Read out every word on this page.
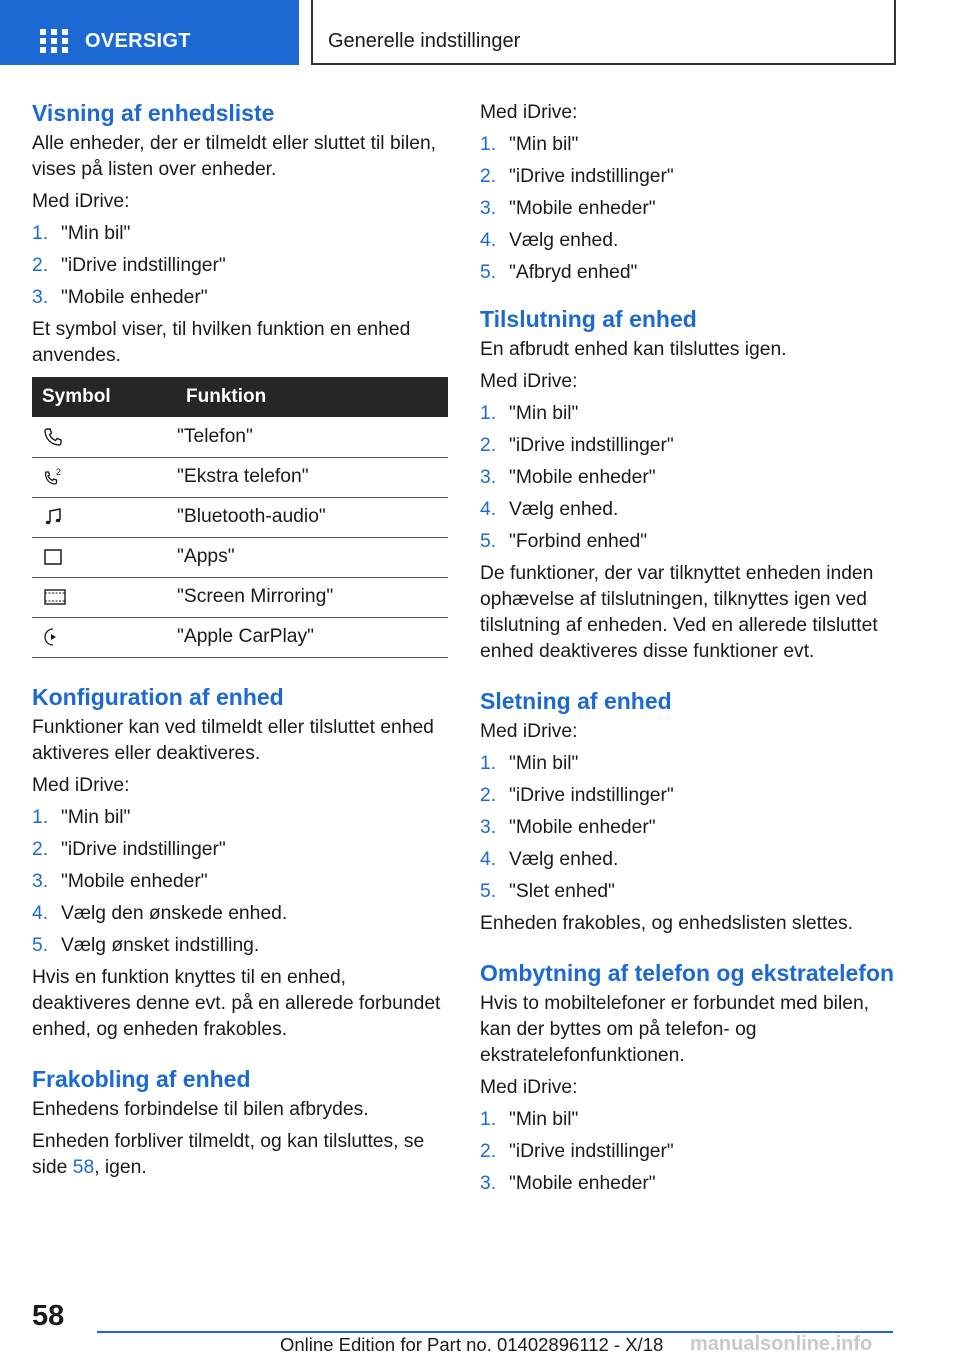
OVERSIGT	Generelle indstillinger
Visning af enhedsliste

Alle enheder, der er tilmeldt eller sluttet til bilen, vises på listen over enheder.

Med iDrive:

1. "Min bil"
2. "iDrive indstillinger"
3. "Mobile enheder"

Et symbol viser, til hvilken funktion en enhed anvendes.

Symbol	Funktion
	"Telefon"

2	"Ekstra telefon"
	"Bluetooth-audio"
	"Apps"
	"Screen Mirroring"
	"Apple CarPlay"
Konfiguration af enhed

Funktioner kan ved tilmeldt eller tilsluttet enhed aktiveres eller deaktiveres.

Med iDrive:

1. "Min bil"
2. "iDrive indstillinger"
3. "Mobile enheder"
4. Vælg den ønskede enhed.
5. Vælg ønsket indstilling.

Hvis en funktion knyttes til en enhed, deaktiveres denne evt. på en allerede forbundet enhed, og enheden frakobles.

Frakobling af enhed

Enhedens forbindelse til bilen afbrydes.

Enheden forbliver tilmeldt, og kan tilsluttes, se side 58, igen.

Med iDrive:

1. "Min bil"
2. "iDrive indstillinger"
3. "Mobile enheder"
4. Vælg enhed.
5. "Afbryd enhed"
Tilslutning af enhed

En afbrudt enhed kan tilsluttes igen.

Med iDrive:

1. "Min bil"
2. "iDrive indstillinger"
3. "Mobile enheder"
4. Vælg enhed.
5. "Forbind enhed"

De funktioner, der var tilknyttet enheden inden ophævelse af tilslutningen, tilknyttes igen ved tilslutning af enheden. Ved en allerede tilsluttet enhed deaktiveres disse funktioner evt.

Sletning af enhed

Med iDrive:

1. "Min bil"
2. "iDrive indstillinger"
3. "Mobile enheder"
4. Vælg enhed.
5. "Slet enhed"

Enheden frakobles, og enhedslisten slettes.

Ombytning af telefon og ekstratelefon

Hvis to mobiltelefoner er forbundet med bilen, kan der byttes om på telefon- og ekstratelefonfunktionen.

Med iDrive:

1. "Min bil"
2. "iDrive indstillinger"
3. "Mobile enheder"
58
Online Edition for Part no. 01402896112 - X/18 manualsonline.info
